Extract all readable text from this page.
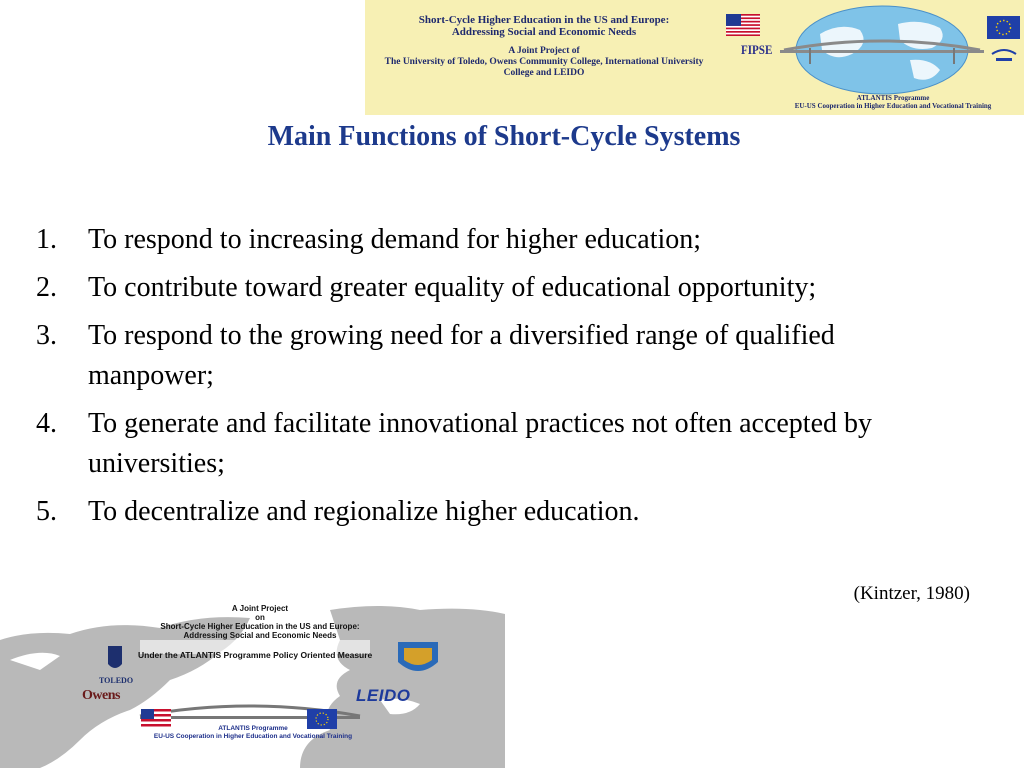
Short-Cycle Higher Education in the US and Europe:
Addressing Social and Economic Needs
A Joint Project of
The University of Toledo, Owens Community College, International University
College and LEIDO
FIPSE
ATLANTIS Programme
EU-US Cooperation in Higher Education and Vocational Training
Main Functions of Short-Cycle Systems
1. To respond to increasing demand for higher education;
2. To contribute toward greater equality of educational opportunity;
3. To respond to the growing need for a diversified range of qualified manpower;
4. To generate and facilitate innovational practices not often accepted by universities;
5. To decentralize and regionalize higher education.
(Kintzer, 1980)
A Joint Project
on
Short-Cycle Higher Education in the US and Europe:
Addressing Social and Economic Needs
Under the ATLANTIS Programme Policy Oriented Measure
TOLEDO
Owens	LEIDO
ATLANTIS Programme
EU-US Cooperation in Higher Education and Vocational Training
